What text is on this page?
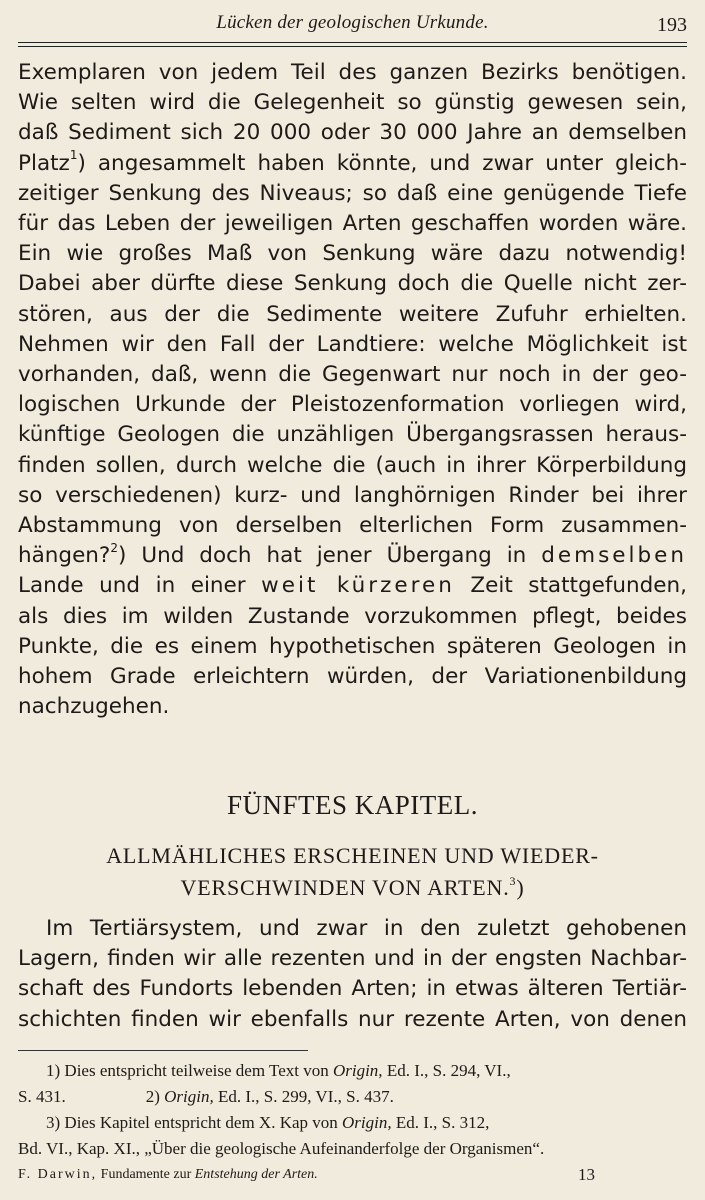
Lücken der geologischen Urkunde.	193
Exemplaren von jedem Teil des ganzen Bezirks benötigen.
Wie selten wird die Gelegenheit so günstig gewesen sein,
daß Sediment sich 20 000 oder 30 000 Jahre an demselben
Platz$^1$) angesammelt haben könnte, und zwar unter gleich-
zeitiger Senkung des Niveaus; so daß eine genügende Tiefe
für das Leben der jeweiligen Arten geschaffen worden wäre.
Ein wie großes Maß von Senkung wäre dazu notwendig!
Dabei aber dürfte diese Senkung doch die Quelle nicht zer-
stören, aus der die Sedimente weitere Zufuhr erhielten.
Nehmen wir den Fall der Landtiere: welche Möglichkeit ist
vorhanden, daß, wenn die Gegenwart nur noch in der geo-
logischen Urkunde der Pleistozenformation vorliegen wird,
künftige Geologen die unzähligen Übergangsrassen heraus-
finden sollen, durch welche die (auch in ihrer Körperbildung
so verschiedenen) kurz- und langhörnigen Rinder bei ihrer
Abstammung von derselben elterlichen Form zusammen-
hängen?$^2$) Und doch hat jener Übergang in demselben
Lande und in einer weit kürzeren Zeit stattgefunden,
als dies im wilden Zustande vorzukommen pflegt, beides
Punkte, die es einem hypothetischen späteren Geologen in
hohem Grade erleichtern würden, der Variationenbildung
nachzugehen.
FÜNFTES KAPITEL.
ALLMÄHLICHES ERSCHEINEN UND WIEDER-
VERSCHWINDEN VON ARTEN.$^3$)
Im Tertiärsystem, und zwar in den zuletzt gehobenen
Lagern, finden wir alle rezenten und in der engsten Nachbar-
schaft des Fundorts lebenden Arten; in etwas älteren Tertiär-
schichten finden wir ebenfalls nur rezente Arten, von denen
1) Dies entspricht teilweise dem Text von Origin, Ed. I., S. 294, VI.,
S. 431.	2) Origin, Ed. I., S. 299, VI., S. 437.
3) Dies Kapitel entspricht dem X. Kap von Origin, Ed. I., S. 312,
Bd. VI., Kap. XI., „Über die geologische Aufeinanderfolge der Organismen“.
F. Darwin, Fundamente zur Entstehung der Arten.	13
